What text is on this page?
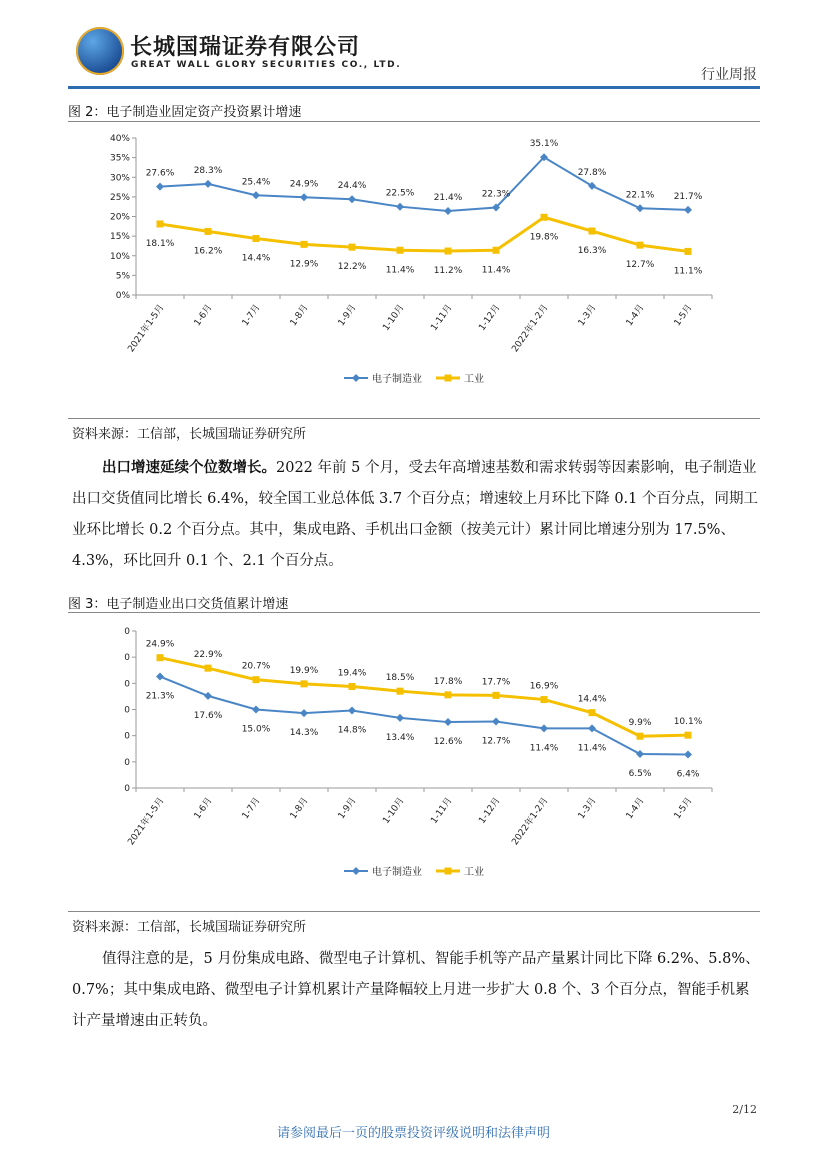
长城国瑞证券有限公司
GREAT WALL GLORY SECURITIES CO., LTD.
行业周报
图 2：电子制造业固定资产投资累计增速
0%
5%
10%
15%
20%
25%
30%
35%
40%
2021年1-5月	1-6月	1-7月	1-8月	1-9月	1-10月	1-11月	1-12月 2022年1-2月	1-3月	1-4月	1-5月
27.6% 28.3%
25.4% 24.9% 24.4%
22.5% 21.4% 22.3%
35.1%
27.8%
22.1% 21.7%
18.1%
16.2%
14.4%
12.9% 12.2% 11.4% 11.2% 11.4%
19.8%
16.3%
12.7%
11.1%
电子制造业	工业
资料来源：工信部，长城国瑞证券研究所
出口增速延续个位数增长。2022 年前 5 个月，受去年高增速基数和需求转弱等因素影响，电子制造业出口交货值同比增长 6.4%，较全国工业总体低 3.7 个百分点；增速较上月环比下降 0.1 个百分点，同期工业环比增长 0.2 个百分点。其中，集成电路、手机出口金额（按美元计）累计同比增速分别为 17.5%、4.3%，环比回升 0.1 个、2.1 个百分点。
图 3：电子制造业出口交货值累计增速
0
0
0
0
0
0
0
2021年1-5月	1-6月	1-7月	1-8月	1-9月	1-10月	1-11月	1-12月 2022年1-2月	1-3月	1-4月	1-5月
21.3%
17.6%
15.0% 14.3% 14.8%
13.4% 12.6% 12.7%
11.4% 11.4%
6.5%	6.4%
24.9%
22.9%
20.7% 19.9% 19.4% 18.5% 17.8% 17.7% 16.9%
14.4%
9.9% 10.1%
电子制造业	工业
资料来源：工信部，长城国瑞证券研究所
值得注意的是，5 月份集成电路、微型电子计算机、智能手机等产品产量累计同比下降 6.2%、5.8%、0.7%；其中集成电路、微型电子计算机累计产量降幅较上月进一步扩大 0.8 个、3 个百分点，智能手机累计产量增速由正转负。
2/12
请参阅最后一页的股票投资评级说明和法律声明
